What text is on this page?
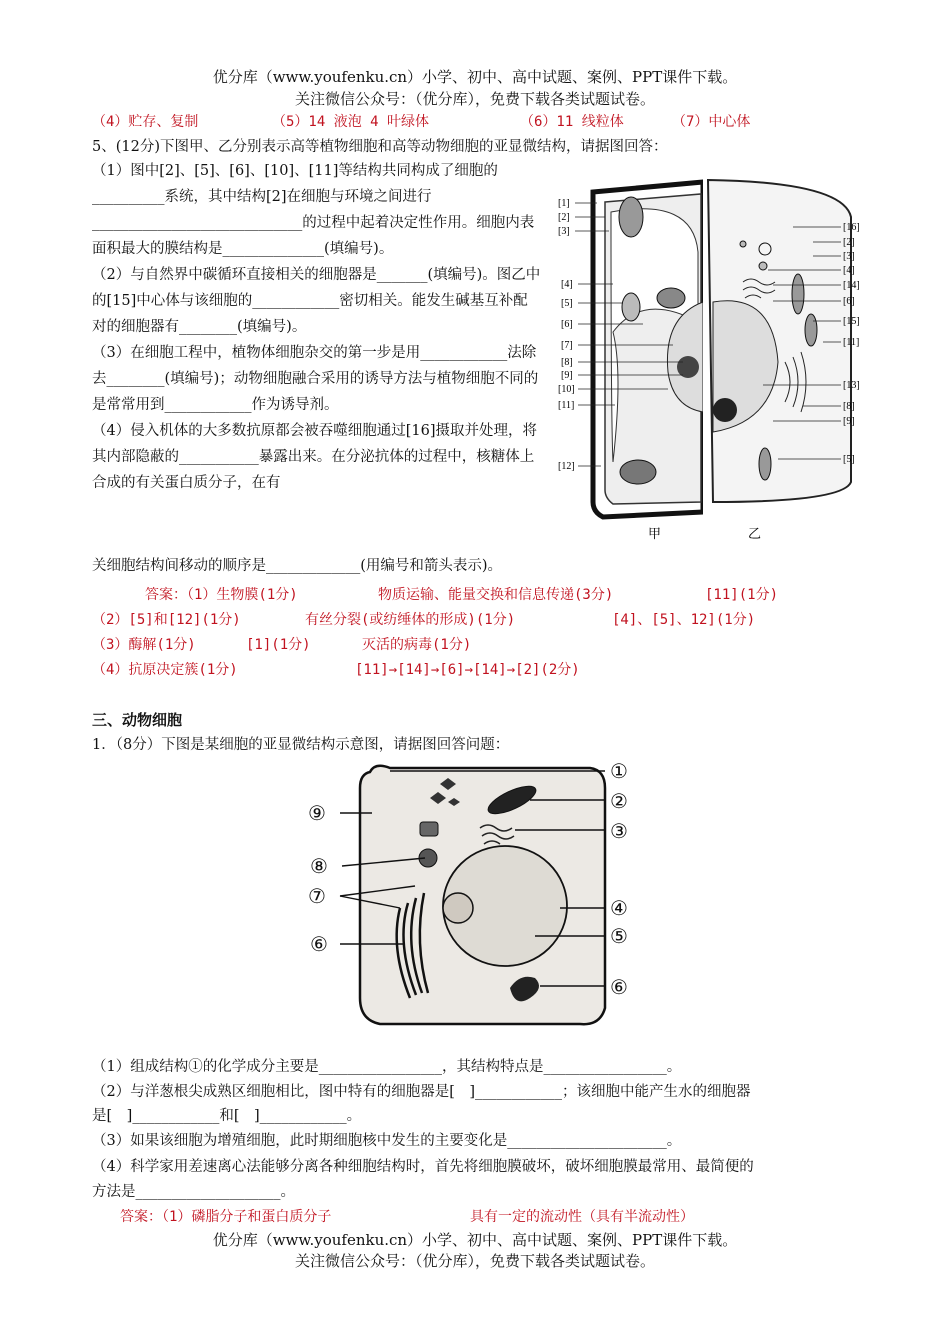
优分库（www.youfenku.cn）小学、初中、高中试题、案例、PPT课件下载。
关注微信公众号：（优分库），免费下载各类试题试卷。
（4）贮存、复制	（5）14 液泡 4 叶绿体	（6）11 线粒体	（7）中心体
5、(12分)下图甲、乙分别表示高等植物细胞和高等动物细胞的亚显微结构，请据图回答：

（1）图中[2]、[5]、[6]、[10]、[11]等结构共同构成了细胞的__________系统，其中结构[2]在细胞与环境之间进行_____________________________的过程中起着决定性作用。细胞内表面积最大的膜结构是______________(填编号)。

（2）与自然界中碳循环直接相关的细胞器是_______(填编号)。图乙中的[15]中心体与该细胞的____________密切相关。能发生碱基互补配对的细胞器有________(填编号)。

（3）在细胞工程中，植物体细胞杂交的第一步是用____________法除去________(填编号)；动物细胞融合采用的诱导方法与植物细胞不同的是常常用到____________作为诱导剂。

（4）侵入机体的大多数抗原都会被吞噬细胞通过[16]摄取并处理，将其内部隐蔽的___________暴露出来。在分泌抗体的过程中，核糖体上合成的有关蛋白质分子，在有

关细胞结构间移动的顺序是_____________(用编号和箭头表示)。
[1]
[2]
[3]
[4]
[5]
[6]
[7]
[8]
[9]
[10]
[11]
[12]
[16]
[2]
[3]
[4]
[14]
[6]
[15]
[11]
[13]
[8]
[9]
[5]
甲	乙
答案：（1）生物膜(1分)	物质运输、能量交换和信息传递(3分)	[11](1分)
（2）[5]和[12](1分)	有丝分裂(或纺缍体的形成)(1分)	[4]、[5]、12](1分)
（3）酶解(1分)	[1](1分)	灭活的病毒(1分)
（4）抗原决定簇(1分)	[11]→[14]→[6]→[14]→[2](2分)
三、动物细胞
1．（8分）下图是某细胞的亚显微结构示意图，请据图回答问题：
①
②
③
④
⑤
⑥
⑦
⑧
⑨
⑥
（1）组成结构①的化学成分主要是_________________，其结构特点是_________________。
（2）与洋葱根尖成熟区细胞相比，图中特有的细胞器是[　]____________；该细胞中能产生水的细胞器
是[　]____________和[　]____________。
（3）如果该细胞为增殖细胞，此时期细胞核中发生的主要变化是______________________。
（4）科学家用差速离心法能够分离各种细胞结构时，首先将细胞膜破坏，破坏细胞膜最常用、最简便的
方法是____________________。
答案：（1）磷脂分子和蛋白质分子	具有一定的流动性（具有半流动性）
优分库（www.youfenku.cn）小学、初中、高中试题、案例、PPT课件下载。
关注微信公众号：（优分库），免费下载各类试题试卷。
